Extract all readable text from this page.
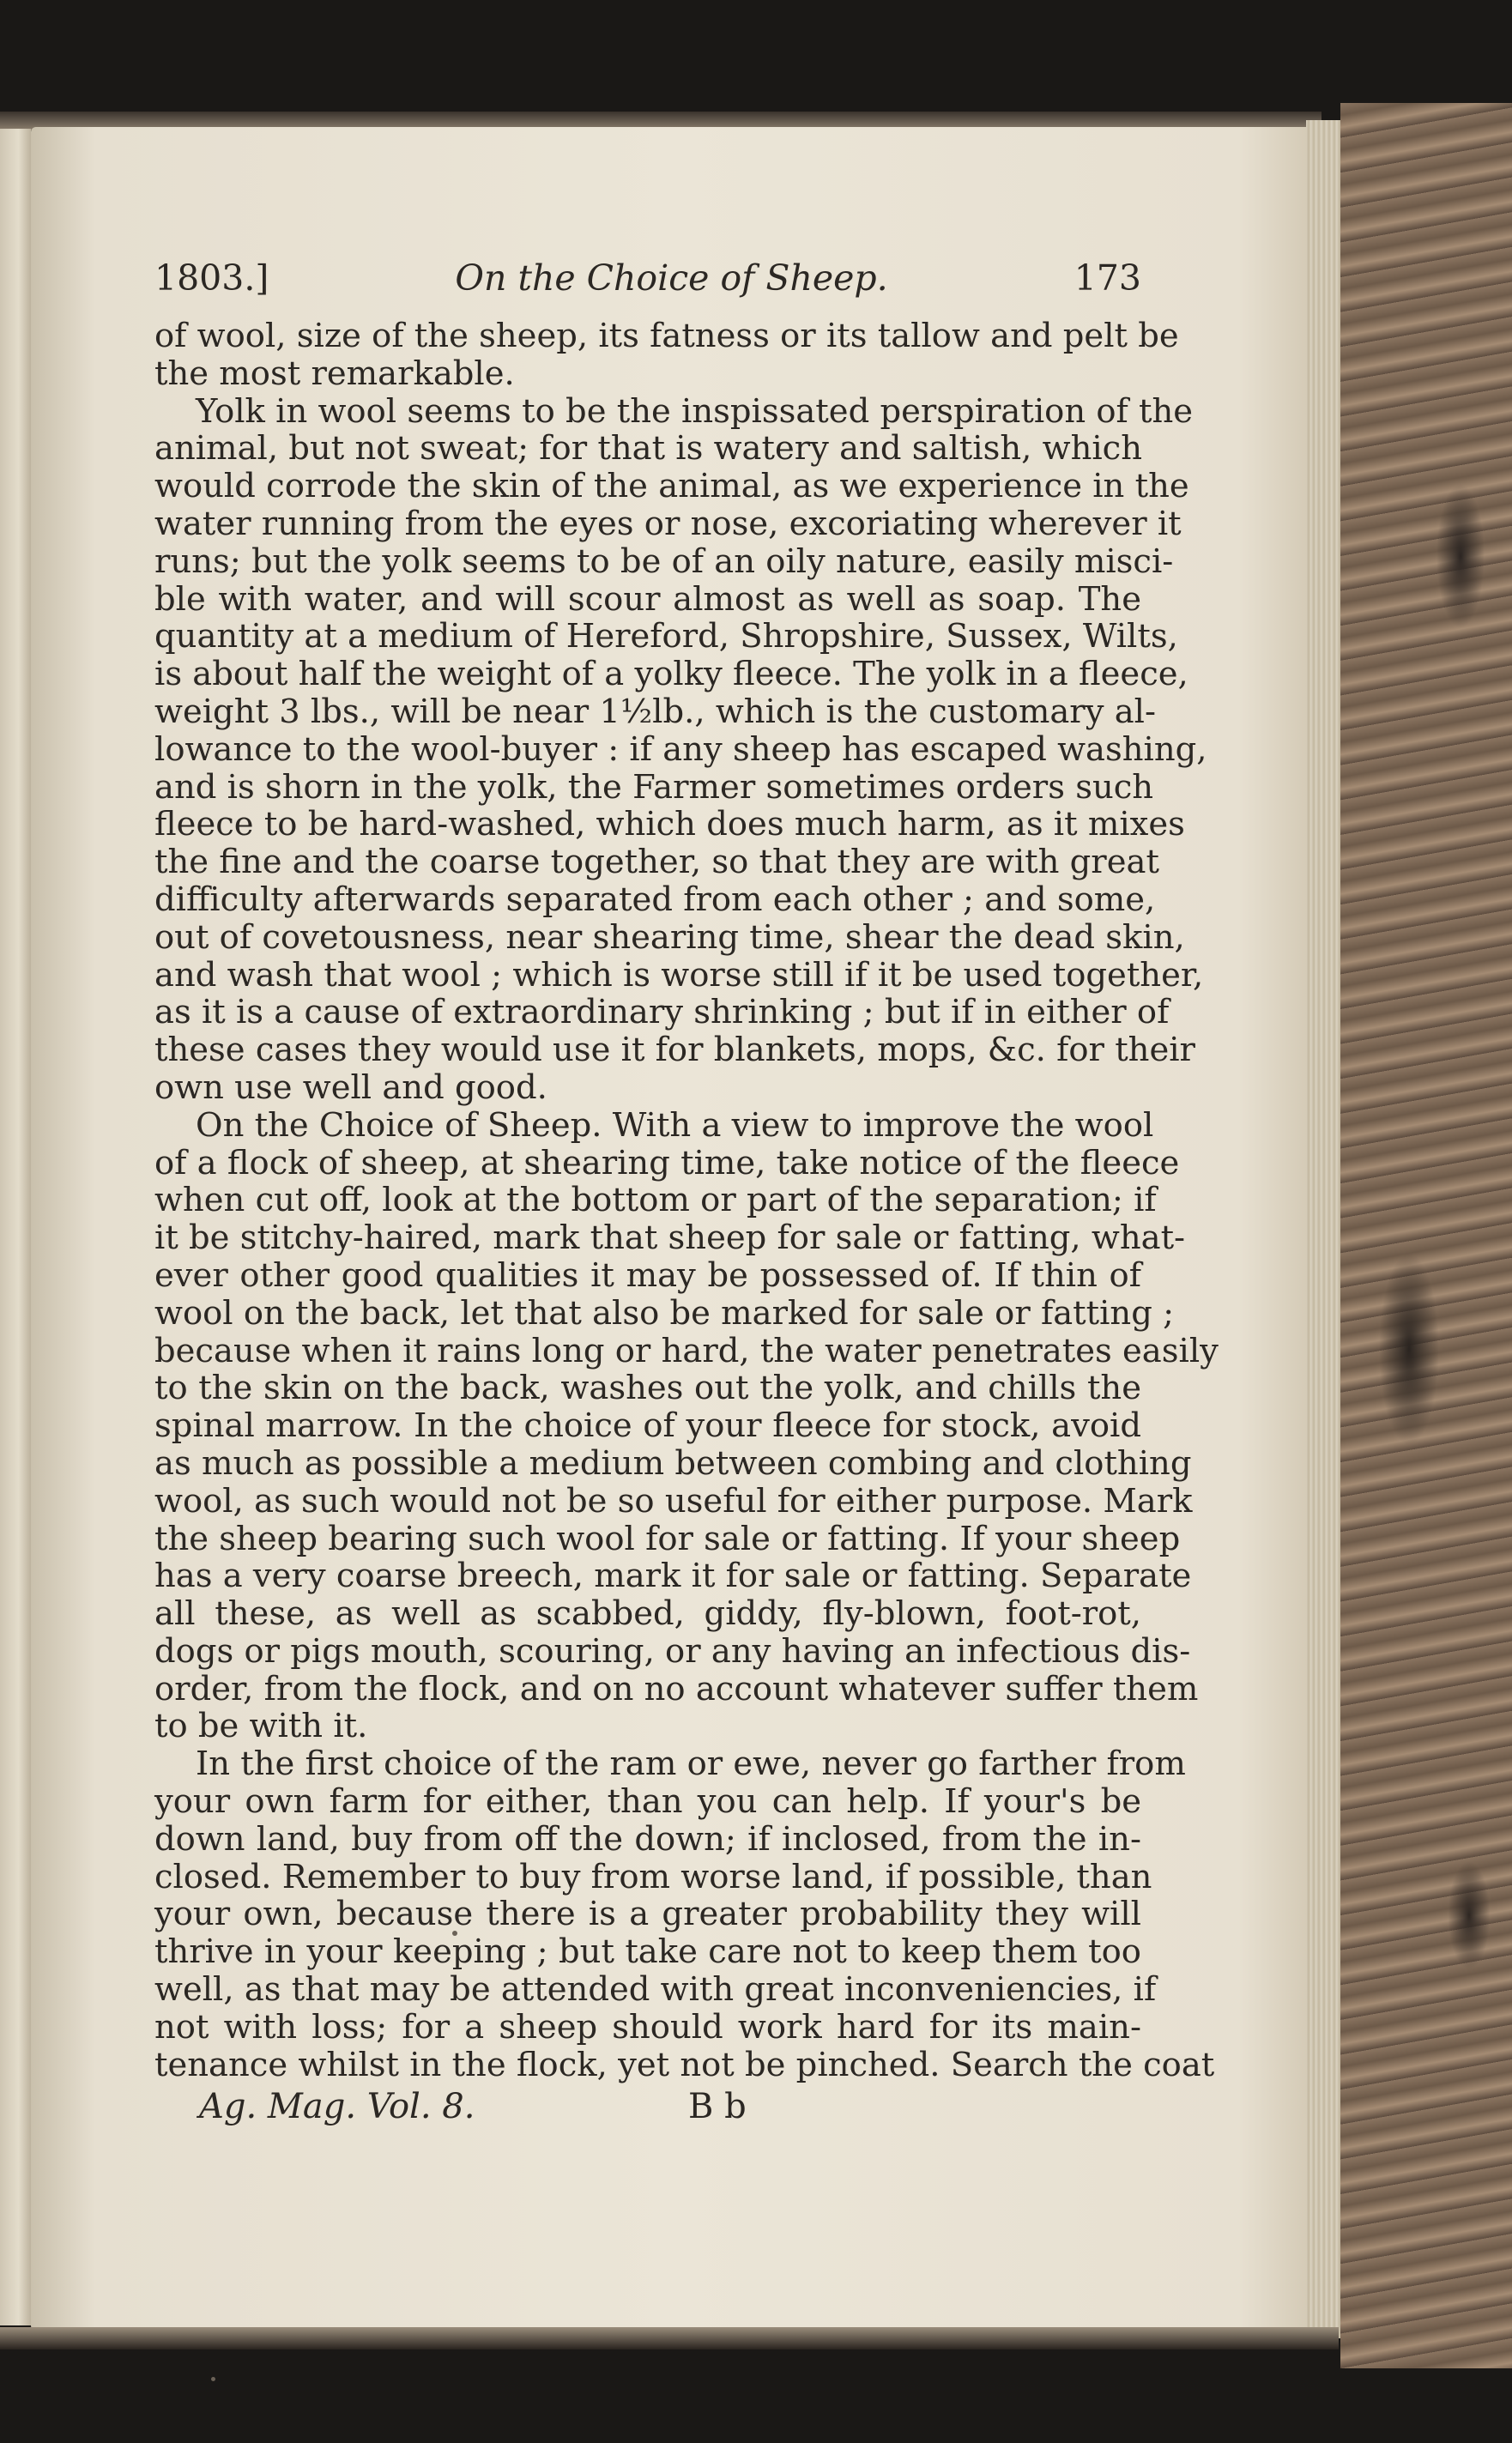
1803.]	On the Choice of Sheep.	173
of wool, size of the sheep, its fatness or its tallow and pelt be
the most remarkable.
Yolk in wool seems to be the inspissated perspiration of the
animal, but not sweat; for that is watery and saltish, which
would corrode the skin of the animal, as we experience in the
water running from the eyes or nose, excoriating wherever it
runs; but the yolk seems to be of an oily nature, easily misci-
ble with water, and will scour almost as well as soap. The
quantity at a medium of Hereford, Shropshire, Sussex, Wilts,
is about half the weight of a yolky fleece. The yolk in a fleece,
weight 3 lbs., will be near 1½lb., which is the customary al-
lowance to the wool-buyer : if any sheep has escaped washing,
and is shorn in the yolk, the Farmer sometimes orders such
fleece to be hard-washed, which does much harm, as it mixes
the fine and the coarse together, so that they are with great
difficulty afterwards separated from each other ; and some,
out of covetousness, near shearing time, shear the dead skin,
and wash that wool ; which is worse still if it be used together,
as it is a cause of extraordinary shrinking ; but if in either of
these cases they would use it for blankets, mops, &c. for their
own use well and good.
On the Choice of Sheep. With a view to improve the wool
of a flock of sheep, at shearing time, take notice of the fleece
when cut off, look at the bottom or part of the separation; if
it be stitchy-haired, mark that sheep for sale or fatting, what-
ever other good qualities it may be possessed of. If thin of
wool on the back, let that also be marked for sale or fatting ;
because when it rains long or hard, the water penetrates easily
to the skin on the back, washes out the yolk, and chills the
spinal marrow. In the choice of your fleece for stock, avoid
as much as possible a medium between combing and clothing
wool, as such would not be so useful for either purpose. Mark
the sheep bearing such wool for sale or fatting. If your sheep
has a very coarse breech, mark it for sale or fatting. Separate
all these, as well as scabbed, giddy, fly-blown, foot-rot,
dogs or pigs mouth, scouring, or any having an infectious dis-
order, from the flock, and on no account whatever suffer them
to be with it.
In the first choice of the ram or ewe, never go farther from
your own farm for either, than you can help. If your's be
down land, buy from off the down; if inclosed, from the in-
closed. Remember to buy from worse land, if possible, than
your own, because there is a greater probability they will
thrive in your keeping ; but take care not to keep them too
well, as that may be attended with great inconveniencies, if
not with loss; for a sheep should work hard for its main-
tenance whilst in the flock, yet not be pinched. Search the coat
Ag. Mag. Vol. 8.	B b
